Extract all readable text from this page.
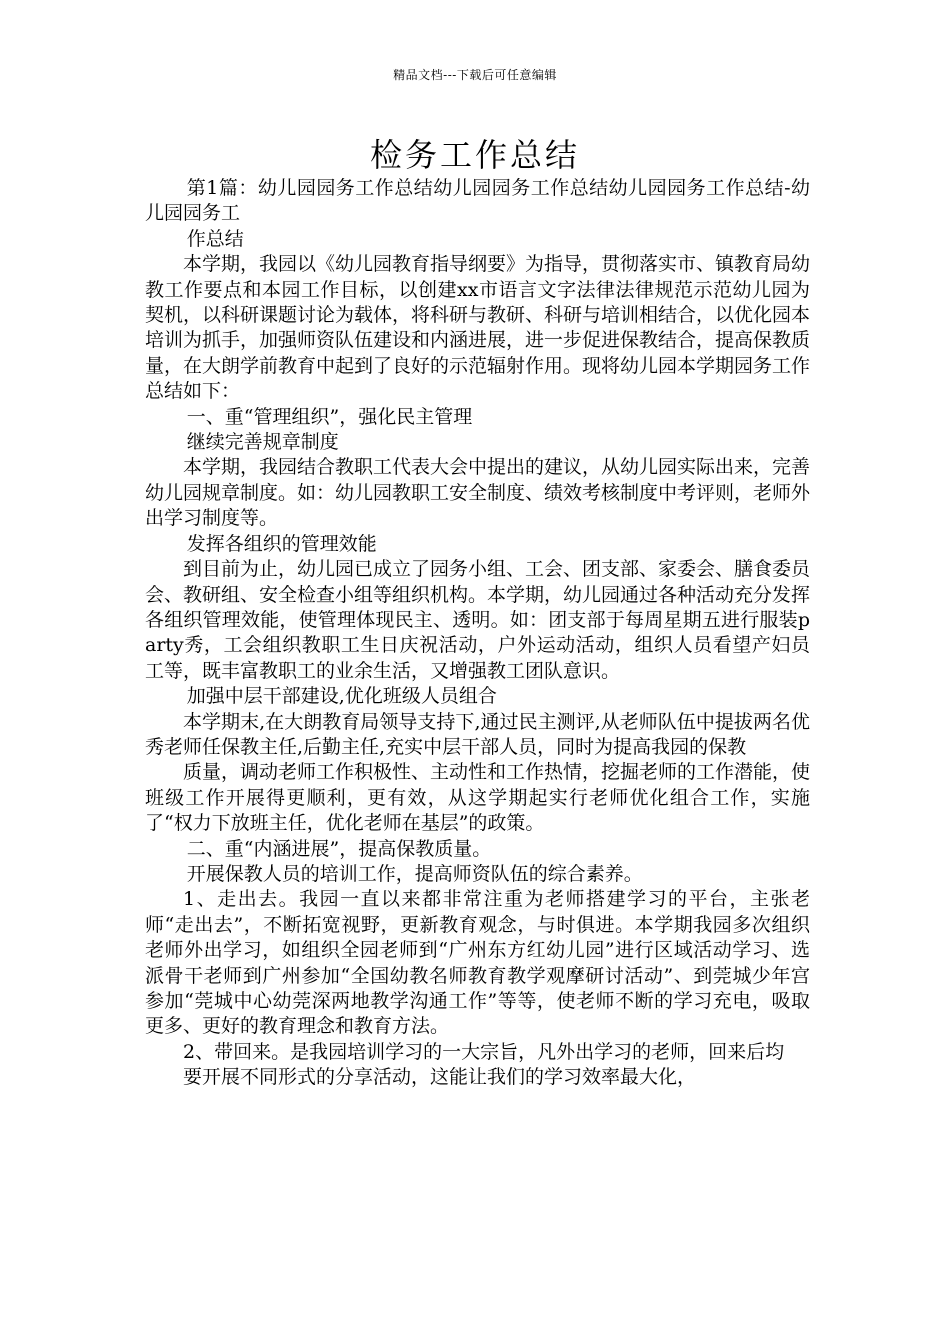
精品文档---下载后可任意编辑
检务工作总结

第1篇：幼儿园园务工作总结幼儿园园务工作总结幼儿园园务工作总结-幼儿园园务工

作总结

本学期，我园以《幼儿园教育指导纲要》为指导，贯彻落实市、镇教育局幼教工作要点和本园工作目标，以创建xx市语言文字法律法律规范示范幼儿园为契机，以科研课题讨论为载体，将科研与教研、科研与培训相结合，以优化园本培训为抓手，加强师资队伍建设和内涵进展，进一步促进保教结合，提高保教质量，在大朗学前教育中起到了良好的示范辐射作用。现将幼儿园本学期园务工作总结如下：

一、重“管理组织”，强化民主管理

继续完善规章制度

本学期，我园结合教职工代表大会中提出的建议，从幼儿园实际出来，完善幼儿园规章制度。如：幼儿园教职工安全制度、绩效考核制度中考评则，老师外出学习制度等。

发挥各组织的管理效能

到目前为止，幼儿园已成立了园务小组、工会、团支部、家委会、膳食委员会、教研组、安全检查小组等组织机构。本学期，幼儿园通过各种活动充分发挥各组织管理效能，使管理体现民主、透明。如：团支部于每周星期五进行服装party秀，工会组织教职工生日庆祝活动，户外运动活动，组织人员看望产妇员工等，既丰富教职工的业余生活，又增强教工团队意识。

加强中层干部建设,优化班级人员组合

本学期末,在大朗教育局领导支持下,通过民主测评,从老师队伍中提拔两名优秀老师任保教主任,后勤主任,充实中层干部人员，同时为提高我园的保教

质量，调动老师工作积极性、主动性和工作热情，挖掘老师的工作潜能，使班级工作开展得更顺利，更有效，从这学期起实行老师优化组合工作，实施了“权力下放班主任，优化老师在基层”的政策。

二、重“内涵进展”，提高保教质量。

开展保教人员的培训工作，提高师资队伍的综合素养。

1、走出去。我园一直以来都非常注重为老师搭建学习的平台，主张老师“走出去”，不断拓宽视野，更新教育观念，与时俱进。本学期我园多次组织老师外出学习，如组织全园老师到“广州东方红幼儿园”进行区域活动学习、选派骨干老师到广州参加“全国幼教名师教育教学观摩研讨活动”、到莞城少年宫参加“莞城中心幼莞深两地教学沟通工作”等等，使老师不断的学习充电，吸取更多、更好的教育理念和教育方法。

2、带回来。是我园培训学习的一大宗旨，凡外出学习的老师，回来后均

要开展不同形式的分享活动，这能让我们的学习效率最大化，
